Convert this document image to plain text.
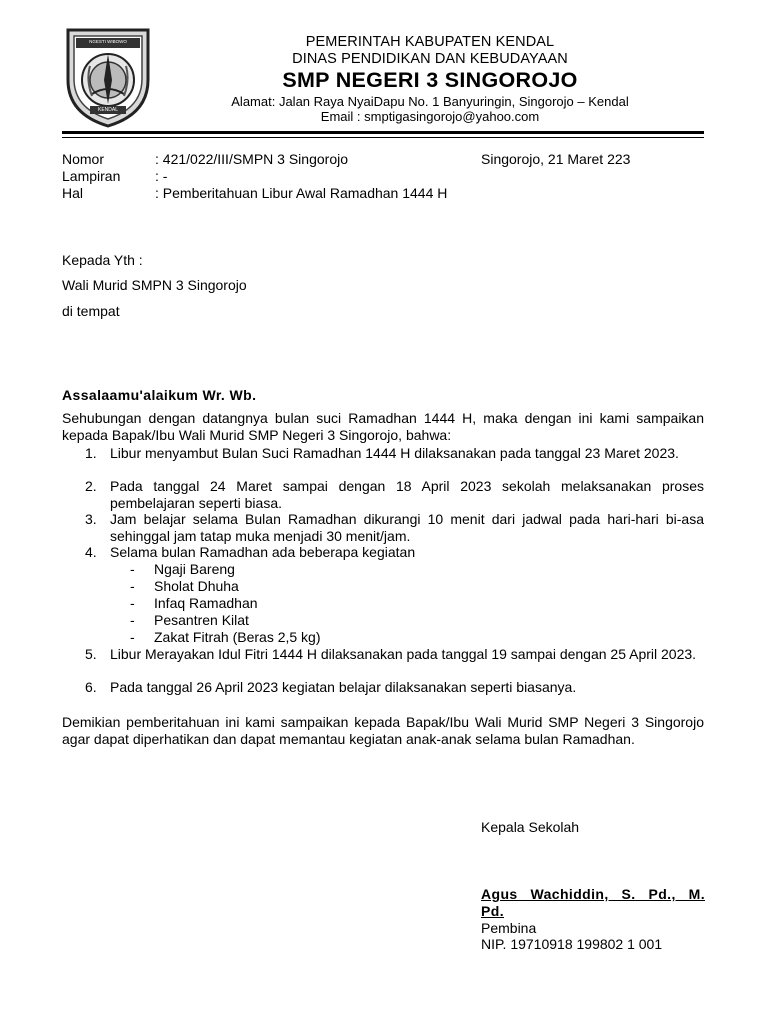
NGESTI WIBOWO
KENDAL
PEMERINTAH KABUPATEN KENDAL
DINAS PENDIDIKAN DAN KEBUDAYAAN
SMP NEGERI 3 SINGOROJO
Alamat: Jalan Raya NyaiDapu No. 1 Banyuringin, Singorojo – Kendal
Email : smptigasingorojo@yahoo.com
Nomor	: 421/022/III/SMPN 3 Singorojo	Singorojo, 21 Maret 223
Lampiran : -
Hal	: Pemberitahuan Libur Awal Ramadhan 1444 H
Kepada Yth :
Wali Murid SMPN 3 Singorojo
di tempat
Assalaamu'alaikum Wr. Wb.
Sehubungan dengan datangnya bulan suci Ramadhan 1444 H, maka dengan ini kami sampaikan kepada Bapak/Ibu Wali Murid SMP Negeri 3 Singorojo, bahwa:
1. Libur menyambut Bulan Suci Ramadhan 1444 H dilaksanakan pada tanggal 23 Maret 2023.
2. Pada tanggal 24 Maret sampai dengan 18 April 2023 sekolah melaksanakan proses pembelajaran seperti biasa.
3. Jam belajar selama Bulan Ramadhan dikurangi 10 menit dari jadwal pada hari-hari bi-asa sehinggal jam tatap muka menjadi 30 menit/jam.
4. Selama bulan Ramadhan ada beberapa kegiatan
- Ngaji Bareng
- Sholat Dhuha
- Infaq Ramadhan
- Pesantren Kilat
- Zakat Fitrah (Beras 2,5 kg)
5. Libur Merayakan Idul Fitri 1444 H dilaksanakan pada tanggal 19 sampai dengan 25 April 2023.
6. Pada tanggal 26 April 2023 kegiatan belajar dilaksanakan seperti biasanya.
Demikian pemberitahuan ini kami sampaikan kepada Bapak/Ibu Wali Murid SMP Negeri 3 Singorojo agar dapat diperhatikan dan dapat memantau kegiatan anak-anak selama bulan Ramadhan.
Kepala Sekolah
Agus Wachiddin, S. Pd., M.
Pd.
Pembina
NIP. 19710918 199802 1 001
